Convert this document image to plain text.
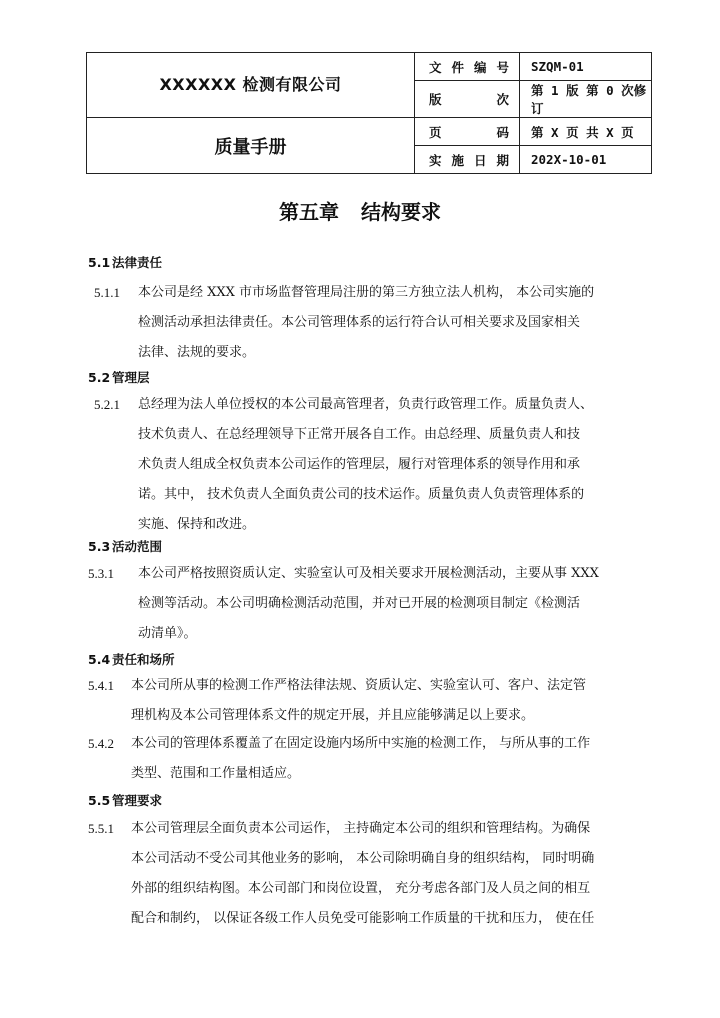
XXXXXX 检测有限公司	文件编号	SZQM-01
	版次	第 1 版 第 0 次修订
质量手册	页码	第 X 页 共 X 页
	实施日期	202X-10-01
第五章 结构要求
5.1 法律责任
5.1.1 本公司是经 XXX 市市场监督管理局注册的第三方独立法人机构， 本公司实施的
检测活动承担法律责任。本公司管理体系的运行符合认可相关要求及国家相关
法律、法规的要求。
5.2 管理层
5.2.1 总经理为法人单位授权的本公司最高管理者，负责行政管理工作。质量负责人、
技术负责人、在总经理领导下正常开展各自工作。由总经理、质量负责人和技
术负责人组成全权负责本公司运作的管理层，履行对管理体系的领导作用和承
诺。其中， 技术负责人全面负责公司的技术运作。质量负责人负责管理体系的
实施、保持和改进。
5.3 活动范围
5.3.1 本公司严格按照资质认定、实验室认可及相关要求开展检测活动，主要从事 XXX
检测等活动。本公司明确检测活动范围，并对已开展的检测项目制定《检测活
动清单》。
5.4 责任和场所
5.4.1 本公司所从事的检测工作严格法律法规、资质认定、实验室认可、客户、法定管
理机构及本公司管理体系文件的规定开展，并且应能够满足以上要求。
5.4.2 本公司的管理体系覆盖了在固定设施内场所中实施的检测工作， 与所从事的工作
类型、范围和工作量相适应。
5.5 管理要求
5.5.1 本公司管理层全面负责本公司运作， 主持确定本公司的组织和管理结构。为确保
本公司活动不受公司其他业务的影响， 本公司除明确自身的组织结构， 同时明确
外部的组织结构图。本公司部门和岗位设置， 充分考虑各部门及人员之间的相互
配合和制约， 以保证各级工作人员免受可能影响工作质量的干扰和压力， 使在任
